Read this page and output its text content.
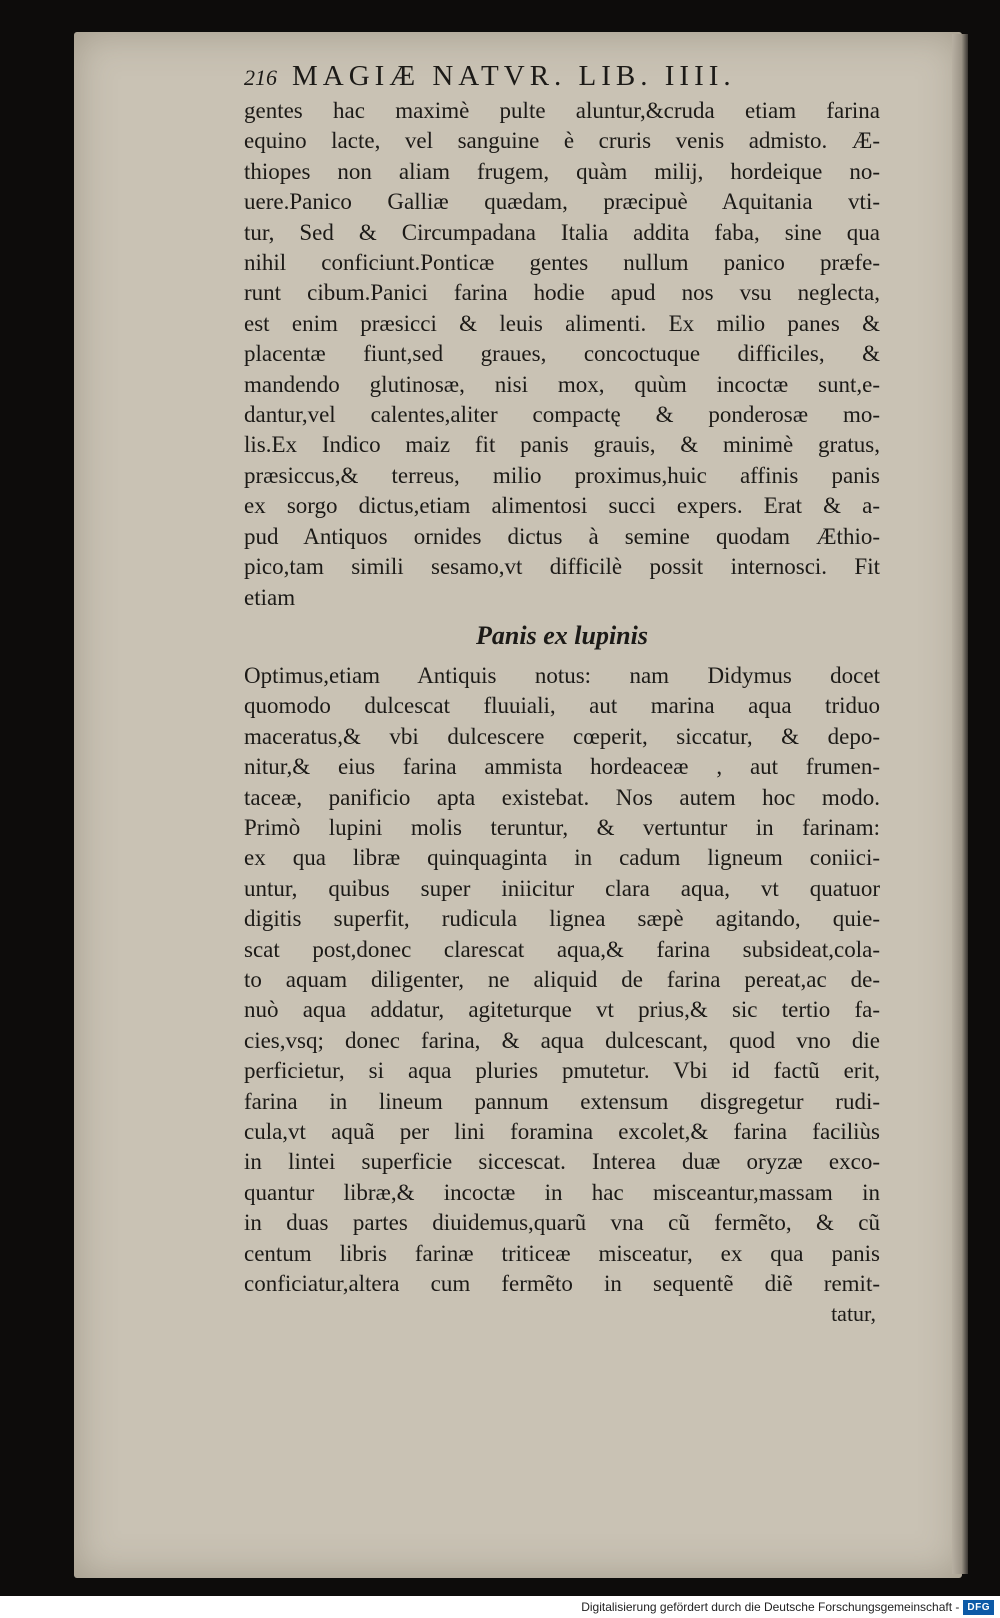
216 MAGIÆ NATVR. LIB. IIII.
gentes hac maximè pulte aluntur,&cruda etiam farina
equino lacte, vel sanguine è cruris venis admisto. Æ-
thiopes non aliam frugem, quàm milij, hordeique no-
uere.Panico Galliæ quædam, præcipuè Aquitania vti-
tur, Sed & Circumpadana Italia addita faba, sine qua
nihil conficiunt.Ponticæ gentes nullum panico præfe-
runt cibum.Panici farina hodie apud nos vsu neglecta,
est enim præsicci & leuis alimenti. Ex milio panes &
placentæ fiunt,sed graues, concoctuque difficiles, &
mandendo glutinosæ, nisi mox, quùm incoctæ sunt,e-
dantur,vel calentes,aliter compactę & ponderosæ mo-
lis.Ex Indico maiz fit panis grauis, & minimè gratus,
præsiccus,& terreus, milio proximus,huic affinis panis
ex sorgo dictus,etiam alimentosi succi expers. Erat & a-
pud Antiquos ornides dictus à semine quodam Æthio-
pico,tam simili sesamo,vt difficilè possit internosci. Fit
etiam
Panis ex lupinis
Optimus,etiam Antiquis notus: nam Didymus docet
quomodo dulcescat fluuiali, aut marina aqua triduo
maceratus,& vbi dulcescere cœperit, siccatur, & depo-
nitur,& eius farina ammista hordeaceæ , aut frumen-
taceæ, panificio apta existebat. Nos autem hoc modo.
Primò lupini molis teruntur, & vertuntur in farinam:
ex qua libræ quinquaginta in cadum ligneum coniici-
untur, quibus super iniicitur clara aqua, vt quatuor
digitis superfit, rudicula lignea sæpè agitando, quie-
scat post,donec clarescat aqua,& farina subsideat,cola-
to aquam diligenter, ne aliquid de farina pereat,ac de-
nuò aqua addatur, agiteturque vt prius,& sic tertio fa-
cies,vsq; donec farina, & aqua dulcescant, quod vno die
perficietur, si aqua pluries pmutetur. Vbi id factũ erit,
farina in lineum pannum extensum disgregetur rudi-
cula,vt aquã per lini foramina excolet,& farina faciliùs
in lintei superficie siccescat. Interea duæ oryzæ exco-
quantur libræ,& incoctæ in hac misceantur,massam in
in duas partes diuidemus,quarũ vna cũ fermẽto, & cũ
centum libris farinæ triticeæ misceatur, ex qua panis
conficiatur,altera cum fermẽto in sequentẽ diẽ remit-
tatur,
Digitalisierung gefördert durch die Deutsche Forschungsgemeinschaft - DFG
